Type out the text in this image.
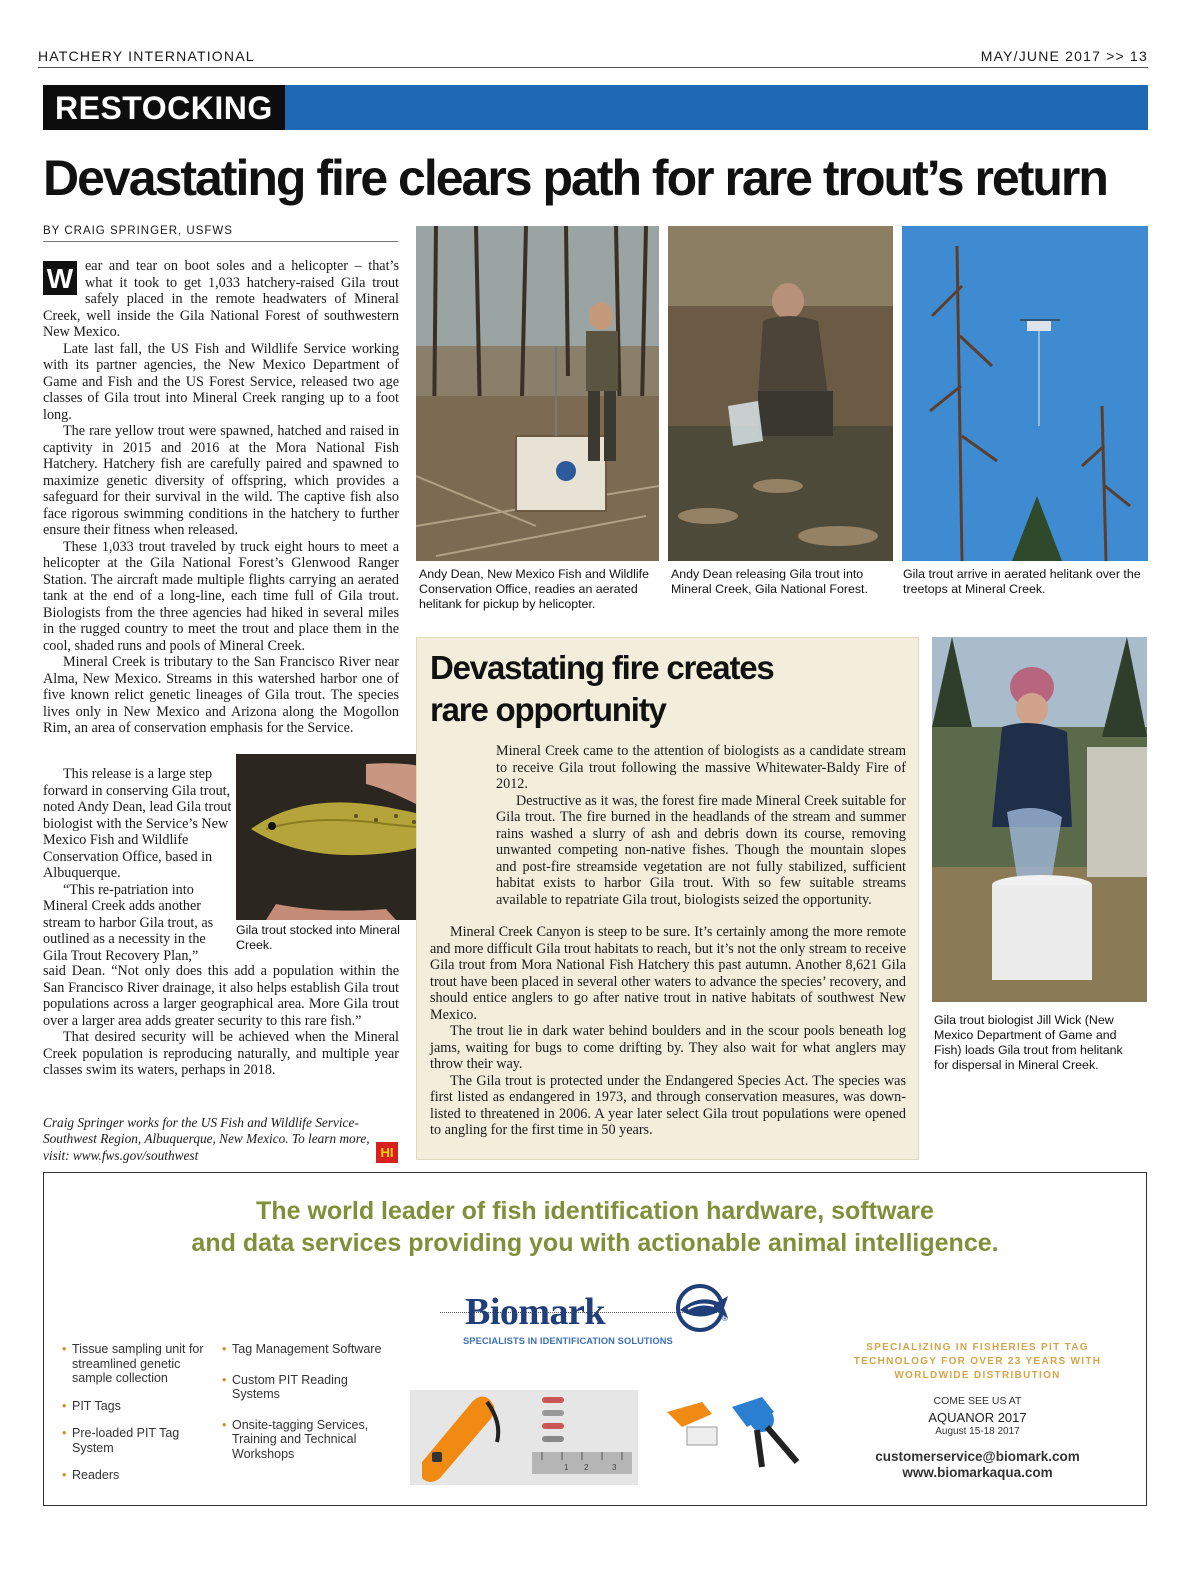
HATCHERY INTERNATIONAL	MAY/JUNE 2017 >> 13
RESTOCKING
Devastating fire clears path for rare trout’s return
BY CRAIG SPRINGER, USFWS

W ear and tear on boot soles and a helicopter – that’s what it took to get 1,033 hatchery-raised Gila trout safely placed in the remote headwaters of Mineral Creek, well inside the Gila National Forest of southwestern New Mexico.

Late last fall, the US Fish and Wildlife Service working with its partner agencies, the New Mexico Department of Game and Fish and the US Forest Service, released two age classes of Gila trout into Mineral Creek ranging up to a foot long.

The rare yellow trout were spawned, hatched and raised in captivity in 2015 and 2016 at the Mora National Fish Hatchery. Hatchery fish are carefully paired and spawned to maximize genetic diversity of offspring, which provides a safeguard for their survival in the wild. The captive fish also face rigorous swimming conditions in the hatchery to further ensure their fitness when released.

These 1,033 trout traveled by truck eight hours to meet a helicopter at the Gila National Forest’s Glenwood Ranger Station. The aircraft made multiple flights carrying an aerated tank at the end of a long-line, each time full of Gila trout. Biologists from the three agencies had hiked in several miles in the rugged country to meet the trout and place them in the cool, shaded runs and pools of Mineral Creek.

Mineral Creek is tributary to the San Francisco River near Alma, New Mexico. Streams in this watershed harbor one of five known relict genetic lineages of Gila trout. The species lives only in New Mexico and Arizona along the Mogollon Rim, an area of conservation emphasis for the Service.

This release is a large step forward in conserving Gila trout, noted Andy Dean, lead Gila trout biologist with the Service’s New Mexico Fish and Wildlife Conservation Office, based in Albuquerque.

“This re-patriation into Mineral Creek adds another stream to harbor Gila trout, as outlined as a necessity in the Gila Trout Recovery Plan,”

said Dean. “Not only does this add a population within the San Francisco River drainage, it also helps establish Gila trout populations across a larger geographical area. More Gila trout over a larger area adds greater security to this rare fish.”

That desired security will be achieved when the Mineral Creek population is reproducing naturally, and multiple year classes swim its waters, perhaps in 2018.

Craig Springer works for the US Fish and Wildlife Service-Southwest Region, Albuquerque, New Mexico. To learn more, visit: www.fws.gov/southwest	HI
Andy Dean, New Mexico Fish and Wildlife Conservation Office, readies an aerated helitank for pickup by helicopter.
Andy Dean releasing Gila trout into Mineral Creek, Gila National Forest.
Gila trout arrive in aerated helitank over the treetops at Mineral Creek.
Gila trout stocked into Mineral Creek.
Devastating fire creates
rare opportunity

Mineral Creek came to the attention of biologists as a candidate stream to receive Gila trout following the massive Whitewater-Baldy Fire of 2012.

Destructive as it was, the forest fire made Mineral Creek suitable for Gila trout. The fire burned in the headlands of the stream and summer rains washed a slurry of ash and debris down its course, removing unwanted competing non-native fishes. Though the mountain slopes and post-fire streamside vegetation are not fully stabilized, sufficient habitat exists to harbor Gila trout. With so few suitable streams available to repatriate Gila trout, biologists seized the opportunity.

Mineral Creek Canyon is steep to be sure. It’s certainly among the more remote and more difficult Gila trout habitats to reach, but it’s not the only stream to receive Gila trout from Mora National Fish Hatchery this past autumn. Another 8,621 Gila trout have been placed in several other waters to advance the species’ recovery, and should entice anglers to go after native trout in native habitats of southwest New Mexico.

The trout lie in dark water behind boulders and in the scour pools beneath log jams, waiting for bugs to come drifting by. They also wait for what anglers may throw their way.

The Gila trout is protected under the Endangered Species Act. The species was first listed as endangered in 1973, and through conservation measures, was down-listed to threatened in 2006. A year later select Gila trout populations were opened to angling for the first time in 50 years.

Gila trout biologist Jill Wick (New Mexico Department of Game and Fish) loads Gila trout from helitank for dispersal in Mineral Creek.
The world leader of fish identification hardware, software
and data services providing you with actionable animal intelligence.
Biomark	®
SPECIALISTS IN IDENTIFICATION SOLUTIONS
• Tissue sampling unit for streamlined genetic sample collection
• PIT Tags
• Pre-loaded PIT Tag System
• Readers
• Tag Management Software
• Custom PIT Reading Systems
• Onsite-tagging Services, Training and Technical Workshops
1 2	3
SPECIALIZING IN FISHERIES PIT TAG TECHNOLOGY FOR OVER 23 YEARS WITH WORLDWIDE DISTRIBUTION
COME SEE US AT
AQUANOR 2017
August 15-18 2017
customerservice@biomark.com
www.biomarkaqua.com
